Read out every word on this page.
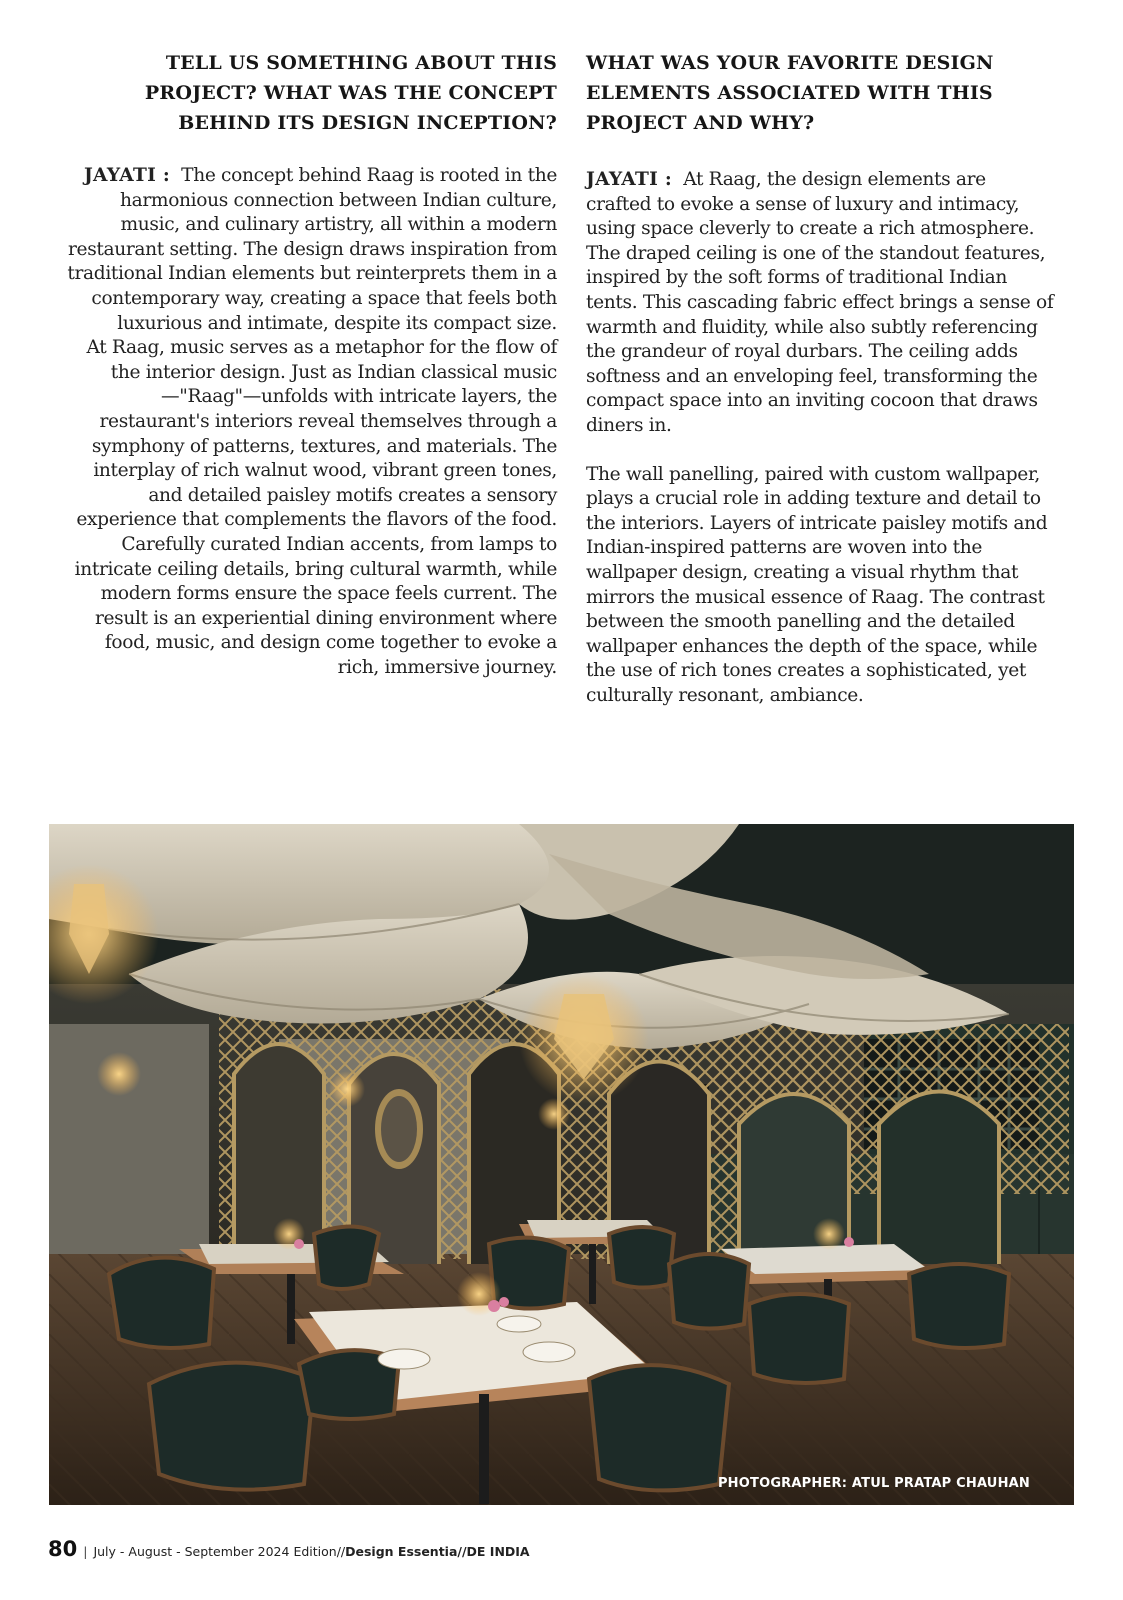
TELL US SOMETHING ABOUT THIS PROJECT? WHAT WAS THE CONCEPT BEHIND ITS DESIGN INCEPTION?

JAYATI : The concept behind Raag is rooted in the harmonious connection between Indian culture, music, and culinary artistry, all within a modern restaurant setting. The design draws inspiration from traditional Indian elements but reinterprets them in a contemporary way, creating a space that feels both luxurious and intimate, despite its compact size.

At Raag, music serves as a metaphor for the flow of the interior design. Just as Indian classical music—"Raag"—unfolds with intricate layers, the restaurant's interiors reveal themselves through a symphony of patterns, textures, and materials. The interplay of rich walnut wood, vibrant green tones, and detailed paisley motifs creates a sensory experience that complements the flavors of the food.

Carefully curated Indian accents, from lamps to intricate ceiling details, bring cultural warmth, while modern forms ensure the space feels current. The result is an experiential dining environment where food, music, and design come together to evoke a rich, immersive journey.

WHAT WAS YOUR FAVORITE DESIGN ELEMENTS ASSOCIATED WITH THIS PROJECT AND WHY?

JAYATI : At Raag, the design elements are crafted to evoke a sense of luxury and intimacy, using space cleverly to create a rich atmosphere. The draped ceiling is one of the standout features, inspired by the soft forms of traditional Indian tents. This cascading fabric effect brings a sense of warmth and fluidity, while also subtly referencing the grandeur of royal durbars. The ceiling adds softness and an enveloping feel, transforming the compact space into an inviting cocoon that draws diners in.

The wall panelling, paired with custom wallpaper, plays a crucial role in adding texture and detail to the interiors. Layers of intricate paisley motifs and Indian-inspired patterns are woven into the wallpaper design, creating a visual rhythm that mirrors the musical essence of Raag. The contrast between the smooth panelling and the detailed wallpaper enhances the depth of the space, while the use of rich tones creates a sophisticated, yet culturally resonant, ambiance.

PHOTOGRAPHER: ATUL PRATAP CHAUHAN
80 | July - August - September 2024 Edition//Design Essentia//DE INDIA
